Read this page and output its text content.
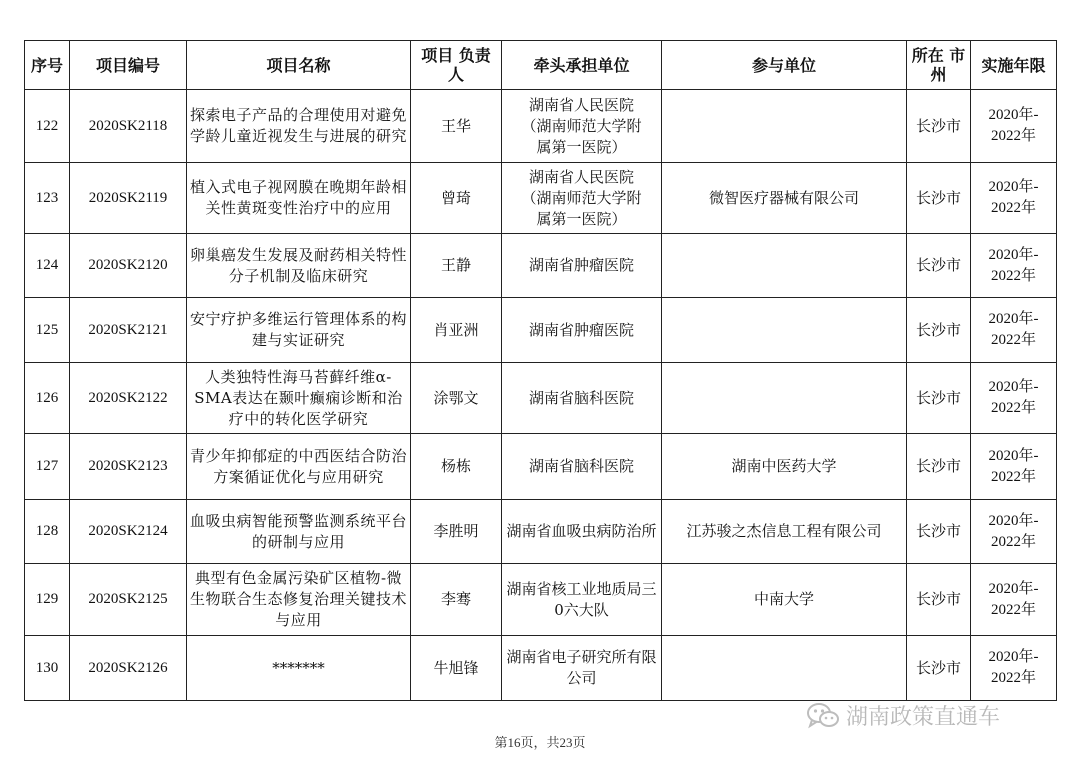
序号	项目编号	项目名称	项目 负责人	牵头承担单位	参与单位	所在 市州	实施年限
122	2020SK2118	探索电子产品的合理使用对避免学龄儿童近视发生与进展的研究	王华	湖南省人民医院
（湖南师范大学附
属第一医院）		长沙市	2020年-
2022年
123	2020SK2119	植入式电子视网膜在晚期年龄相关性黄斑变性治疗中的应用	曾琦	湖南省人民医院
（湖南师范大学附
属第一医院）	微智医疗器械有限公司	长沙市	2020年-
2022年
124	2020SK2120	卵巢癌发生发展及耐药相关特性分子机制及临床研究	王静	湖南省肿瘤医院		长沙市	2020年-
2022年
125	2020SK2121	安宁疗护多维运行管理体系的构建与实证研究	肖亚洲	湖南省肿瘤医院		长沙市	2020年-
2022年
126	2020SK2122	人类独特性海马苔藓纤维α-SMA表达在颞叶癫痫诊断和治疗中的转化医学研究	涂鄂文	湖南省脑科医院		长沙市	2020年-
2022年
127	2020SK2123	青少年抑郁症的中西医结合防治方案循证优化与应用研究	杨栋	湖南省脑科医院	湖南中医药大学	长沙市	2020年-
2022年
128	2020SK2124	血吸虫病智能预警监测系统平台的研制与应用	李胜明	湖南省血吸虫病防治所	江苏骏之杰信息工程有限公司	长沙市	2020年-
2022年
129	2020SK2125	典型有色金属污染矿区植物-微生物联合生态修复治理关键技术与应用	李骞	湖南省核工业地质局三0六大队	中南大学	长沙市	2020年-
2022年
130	2020SK2126	*******	牛旭锋	湖南省电子研究所有限公司		长沙市	2020年-
2022年
湖南政策直通车
第16页，共23页
